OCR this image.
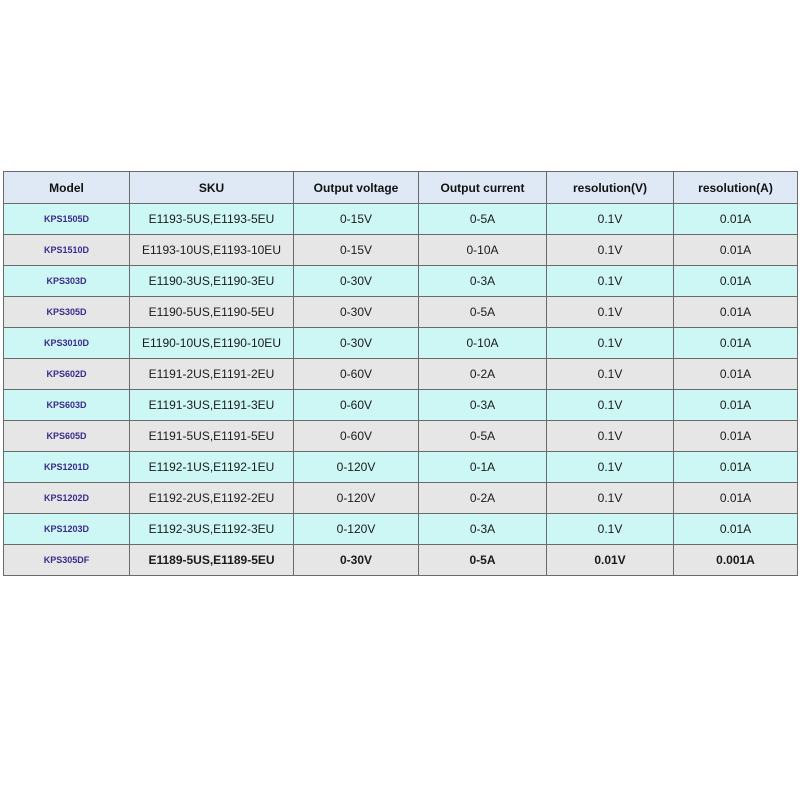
Model	SKU	Output voltage	Output current	resolution(V)	resolution(A)
KPS1505D	E1193-5US,E1193-5EU	0-15V	0-5A	0.1V	0.01A
KPS1510D	E1193-10US,E1193-10EU	0-15V	0-10A	0.1V	0.01A
KPS303D	E1190-3US,E1190-3EU	0-30V	0-3A	0.1V	0.01A
KPS305D	E1190-5US,E1190-5EU	0-30V	0-5A	0.1V	0.01A
KPS3010D	E1190-10US,E1190-10EU	0-30V	0-10A	0.1V	0.01A
KPS602D	E1191-2US,E1191-2EU	0-60V	0-2A	0.1V	0.01A
KPS603D	E1191-3US,E1191-3EU	0-60V	0-3A	0.1V	0.01A
KPS605D	E1191-5US,E1191-5EU	0-60V	0-5A	0.1V	0.01A
KPS1201D	E1192-1US,E1192-1EU	0-120V	0-1A	0.1V	0.01A
KPS1202D	E1192-2US,E1192-2EU	0-120V	0-2A	0.1V	0.01A
KPS1203D	E1192-3US,E1192-3EU	0-120V	0-3A	0.1V	0.01A
KPS305DF	E1189-5US,E1189-5EU	0-30V	0-5A	0.01V	0.001A
